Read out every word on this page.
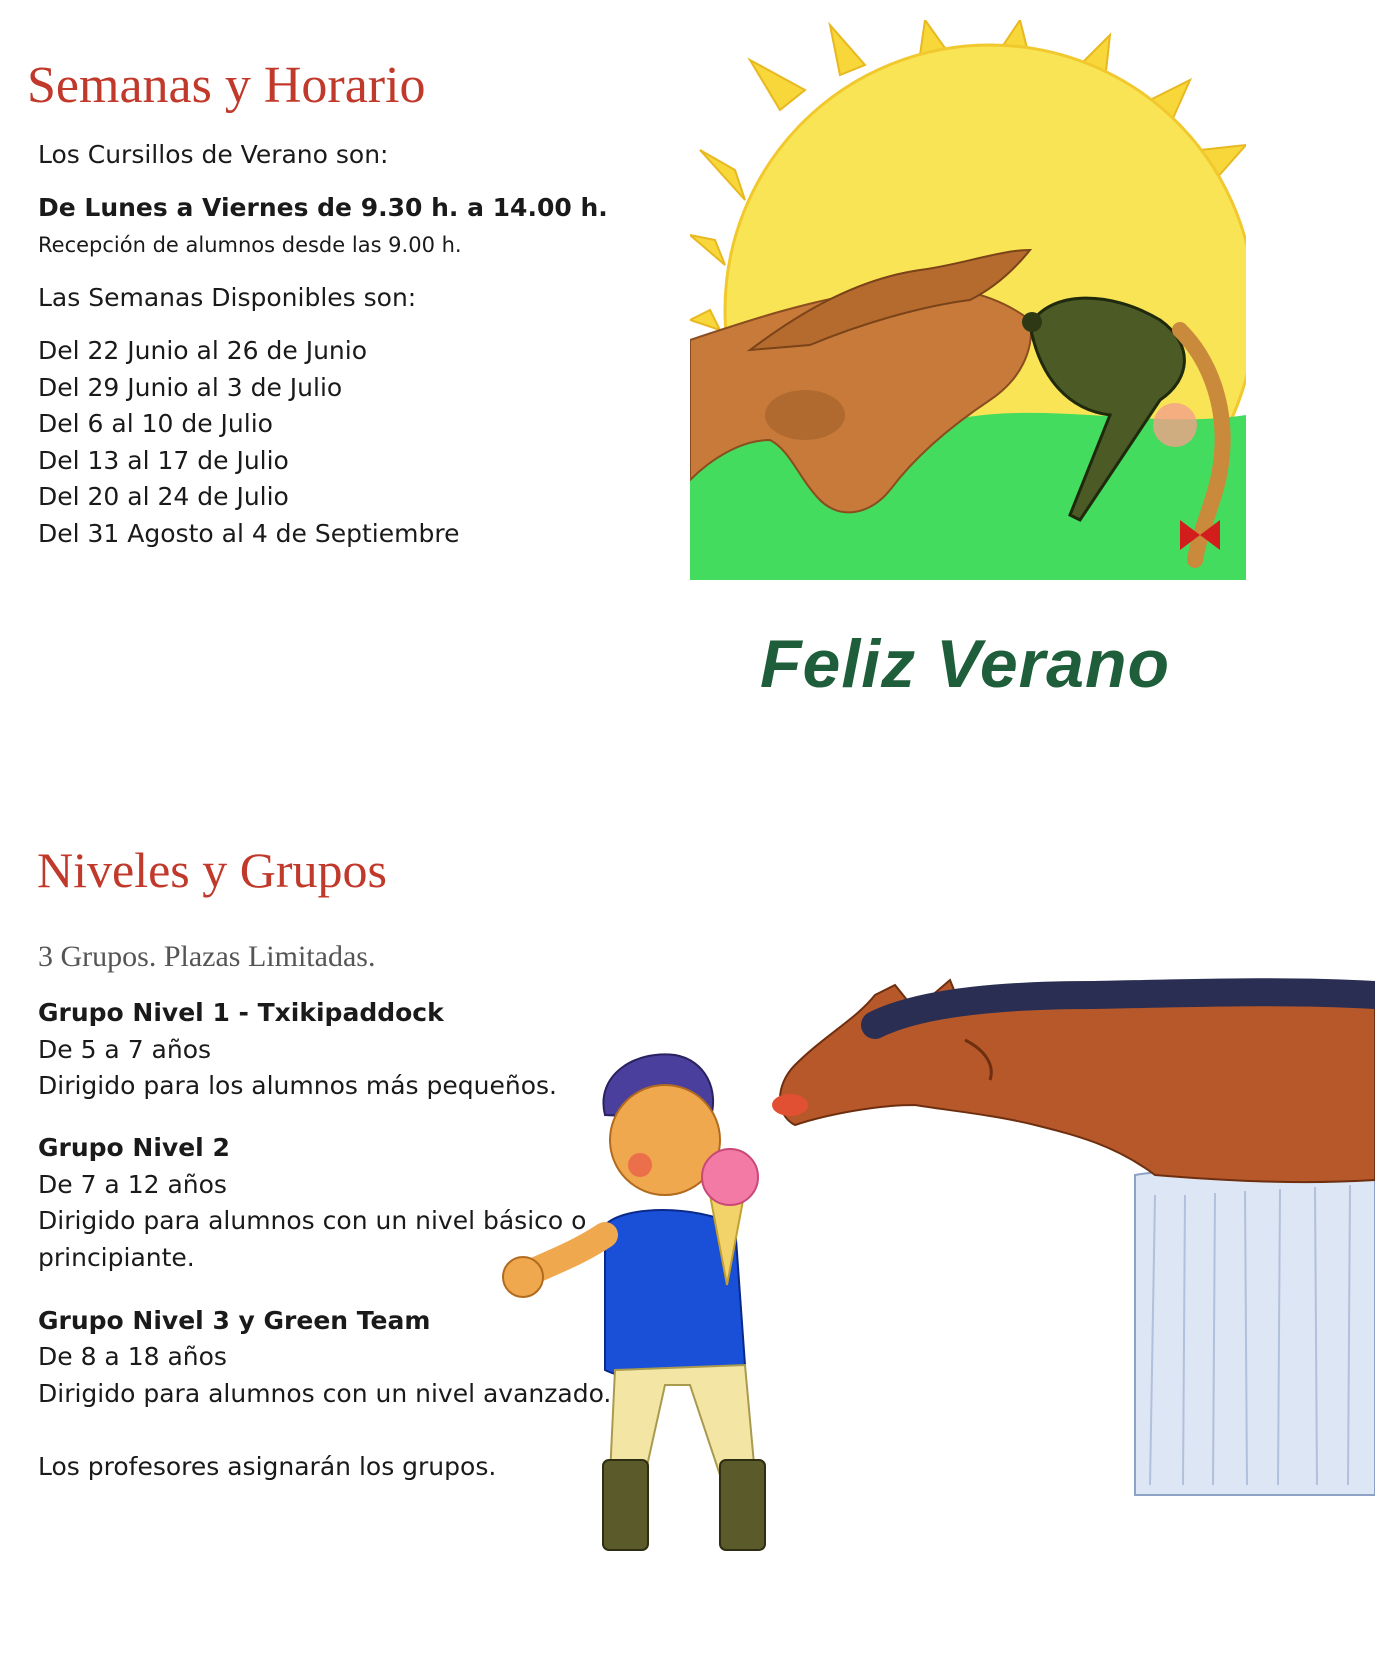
Semanas y Horario
Los Cursillos de Verano son:
De Lunes a Viernes de 9.30 h. a 14.00 h.
Recepción de alumnos desde las 9.00 h.
Las Semanas Disponibles son:
Del 22 Junio al 26 de Junio
Del 29 Junio al 3 de Julio
Del 6 al 10 de Julio
Del 13 al 17 de Julio
Del 20 al 24 de Julio
Del 31 Agosto al 4 de Septiembre

Feliz Verano

Niveles y Grupos

3 Grupos. Plazas Limitadas.

Grupo Nivel 1 - Txikipaddock
De 5 a 7 años
Dirigido para los alumnos más pequeños.
Grupo Nivel 2
De 7 a 12 años
Dirigido para alumnos con un nivel básico o
principiante.
Grupo Nivel 3 y Green Team
De 8 a 18 años
Dirigido para alumnos con un nivel avanzado.
Los profesores asignarán los grupos.
